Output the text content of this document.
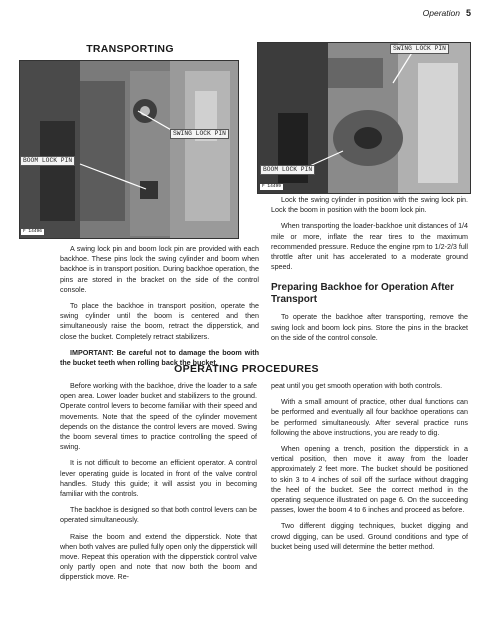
Operation 5
TRANSPORTING
SWING LOCK PIN
BOOM LOCK PIN
F 14496
SWING LOCK PIN
BOOM LOCK PIN
F 14499

A swing lock pin and boom lock pin are provided with each backhoe. These pins lock the swing cylinder and boom when backhoe is in transport position. During backhoe operation, the pins are stored in the bracket on the side of the control console.

To place the backhoe in transport position, operate the swing cylinder until the boom is centered and then simultaneously raise the boom, retract the dipperstick, and close the bucket. Completely retract stabilizers.

IMPORTANT: Be careful not to damage the boom with the bucket teeth when rolling back the bucket.

Lock the swing cylinder in position with the swing lock pin. Lock the boom in position with the boom lock pin.

When transporting the loader-backhoe unit distances of 1/4 mile or more, inflate the rear tires to the maximum recommended pressure. Reduce the engine rpm to 1/2-2/3 full throttle after unit has accelerated to a moderate ground speed.

Preparing Backhoe for Operation After Transport

To operate the backhoe after transporting, remove the swing lock and boom lock pins. Store the pins in the bracket on the side of the control console.

OPERATING PROCEDURES

Before working with the backhoe, drive the loader to a safe open area. Lower loader bucket and stabilizers to the ground. Operate control levers to become familiar with their speed and movements. Note that the speed of the cylinder movement depends on the distance the control levers are moved. Swing the boom several times to practice controlling the speed of swing.

It is not difficult to become an efficient operator. A control lever operating guide is located in front of the valve control handles. Study this guide; it will assist you in becoming familiar with the controls.

The backhoe is designed so that both control levers can be operated simultaneously.

Raise the boom and extend the dipperstick. Note that when both valves are pulled fully open only the dipperstick will move. Repeat this operation with the dipperstick control valve only partly open and note that now both the boom and dipperstick move. Re-

peat until you get smooth operation with both controls.

With a small amount of practice, other dual functions can be performed and eventually all four backhoe operations can be performed simultaneously. After several practice runs following the above instructions, you are ready to dig.

When opening a trench, position the dipperstick in a vertical position, then move it away from the loader approximately 2 feet more. The bucket should be positioned to skin 3 to 4 inches of soil off the surface without dragging the heel of the bucket. See the correct method in the operating sequence illustrated on page 6. On the succeeding passes, lower the boom 4 to 6 inches and proceed as before.

Two different digging techniques, bucket digging and crowd digging, can be used. Ground conditions and type of bucket being used will determine the better method.
